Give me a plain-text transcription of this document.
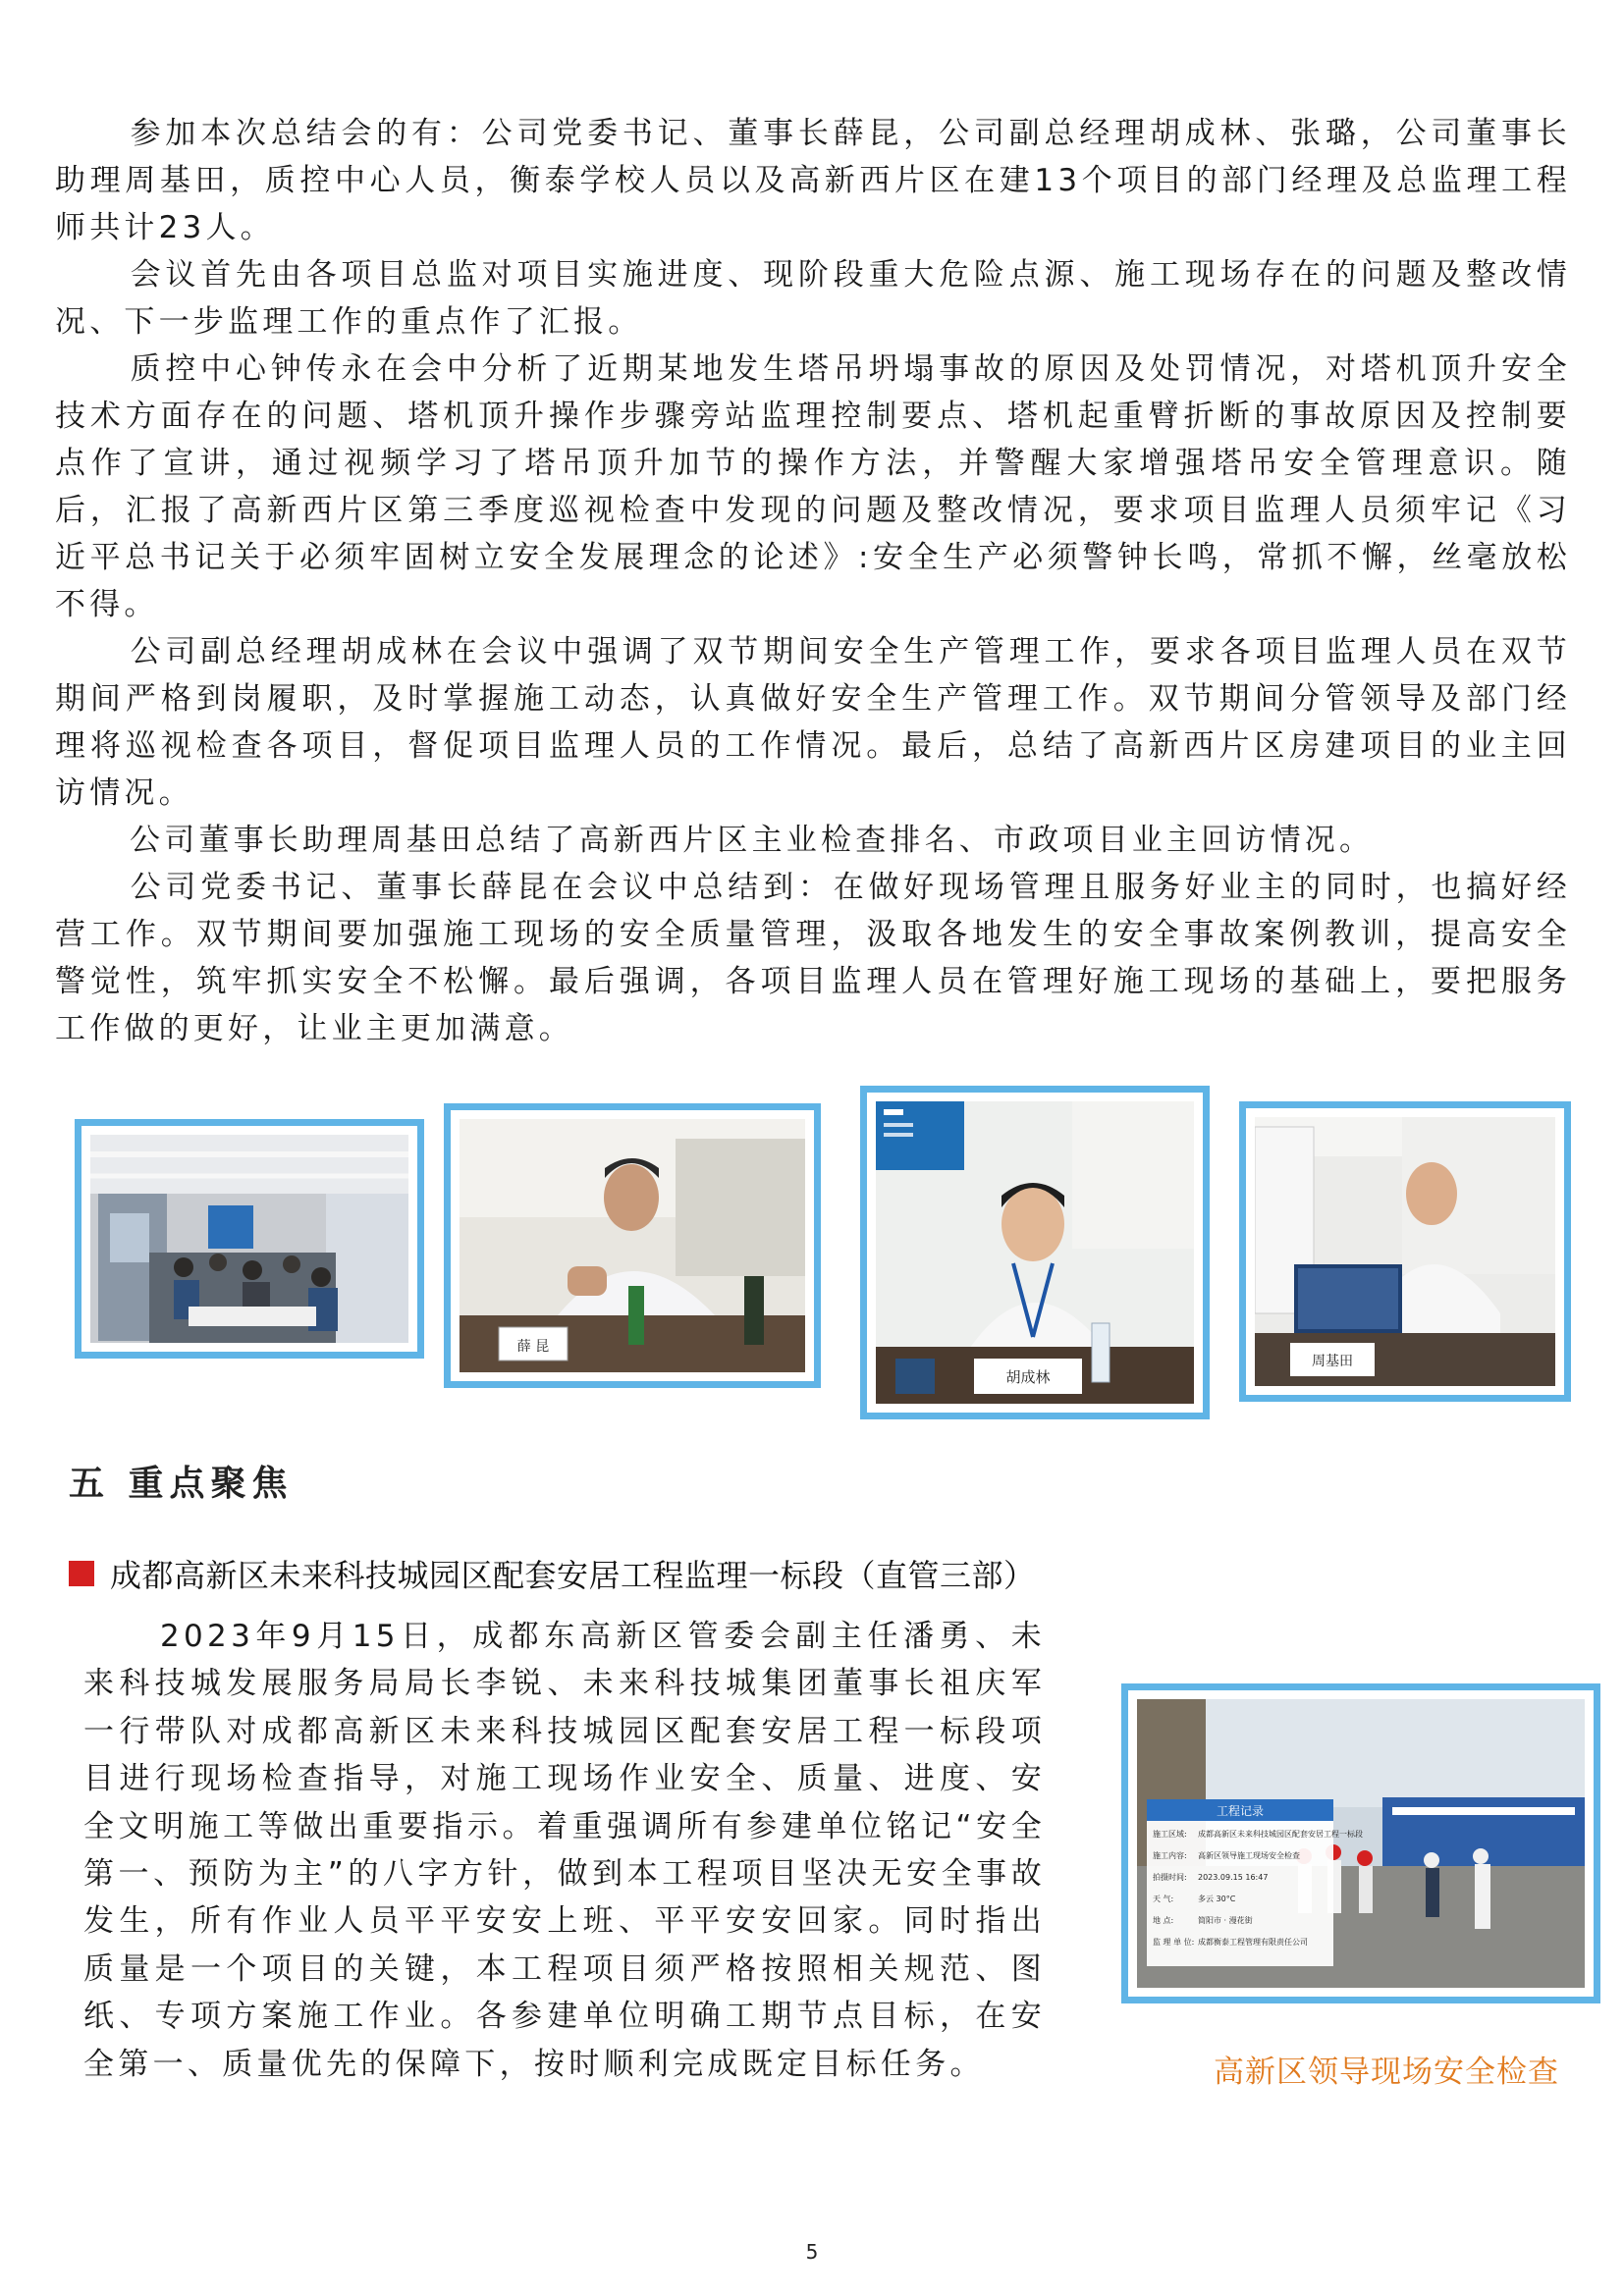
参加本次总结会的有：公司党委书记、董事长薛昆，公司副总经理胡成林、张璐，公司董事长助理周基田，质控中心人员，衡泰学校人员以及高新西片区在建13个项目的部门经理及总监理工程师共计23人。

会议首先由各项目总监对项目实施进度、现阶段重大危险点源、施工现场存在的问题及整改情况、下一步监理工作的重点作了汇报。

质控中心钟传永在会中分析了近期某地发生塔吊坍塌事故的原因及处罚情况，对塔机顶升安全技术方面存在的问题、塔机顶升操作步骤旁站监理控制要点、塔机起重臂折断的事故原因及控制要点作了宣讲，通过视频学习了塔吊顶升加节的操作方法，并警醒大家增强塔吊安全管理意识。随后，汇报了高新西片区第三季度巡视检查中发现的问题及整改情况，要求项目监理人员须牢记《习近平总书记关于必须牢固树立安全发展理念的论述》:安全生产必须警钟长鸣，常抓不懈，丝毫放松不得。

公司副总经理胡成林在会议中强调了双节期间安全生产管理工作，要求各项目监理人员在双节期间严格到岗履职，及时掌握施工动态，认真做好安全生产管理工作。双节期间分管领导及部门经理将巡视检查各项目，督促项目监理人员的工作情况。最后，总结了高新西片区房建项目的业主回访情况。

公司董事长助理周基田总结了高新西片区主业检查排名、市政项目业主回访情况。

公司党委书记、董事长薛昆在会议中总结到：在做好现场管理且服务好业主的同时，也搞好经营工作。双节期间要加强施工现场的安全质量管理，汲取各地发生的安全事故案例教训，提高安全警觉性，筑牢抓实安全不松懈。最后强调，各项目监理人员在管理好施工现场的基础上，要把服务工作做的更好，让业主更加满意。

薛 昆
胡成林
周基田
五 重点聚焦
成都高新区未来科技城园区配套安居工程监理一标段（直管三部）

2023年9月15日，成都东高新区管委会副主任潘勇、未来科技城发展服务局局长李锐、未来科技城集团董事长祖庆军一行带队对成都高新区未来科技城园区配套安居工程一标段项目进行现场检查指导，对施工现场作业安全、质量、进度、安全文明施工等做出重要指示。着重强调所有参建单位铭记“安全第一、预防为主”的八字方针，做到本工程项目坚决无安全事故发生，所有作业人员平平安安上班、平平安安回家。同时指出质量是一个项目的关键，本工程项目须严格按照相关规范、图纸、专项方案施工作业。各参建单位明确工期节点目标，在安全第一、质量优先的保障下，按时顺利完成既定目标任务。

工程记录
施工区域: 成都高新区未来科技城园区配套安居工程一标段
施工内容: 高新区领导施工现场安全检查
拍摄时间: 2023.09.15 16:47
天 气:	多云 30°C
地 点:	简阳市 · 漫花街
监 理 单 位: 成都衡泰工程管理有限责任公司
高新区领导现场安全检查
5
